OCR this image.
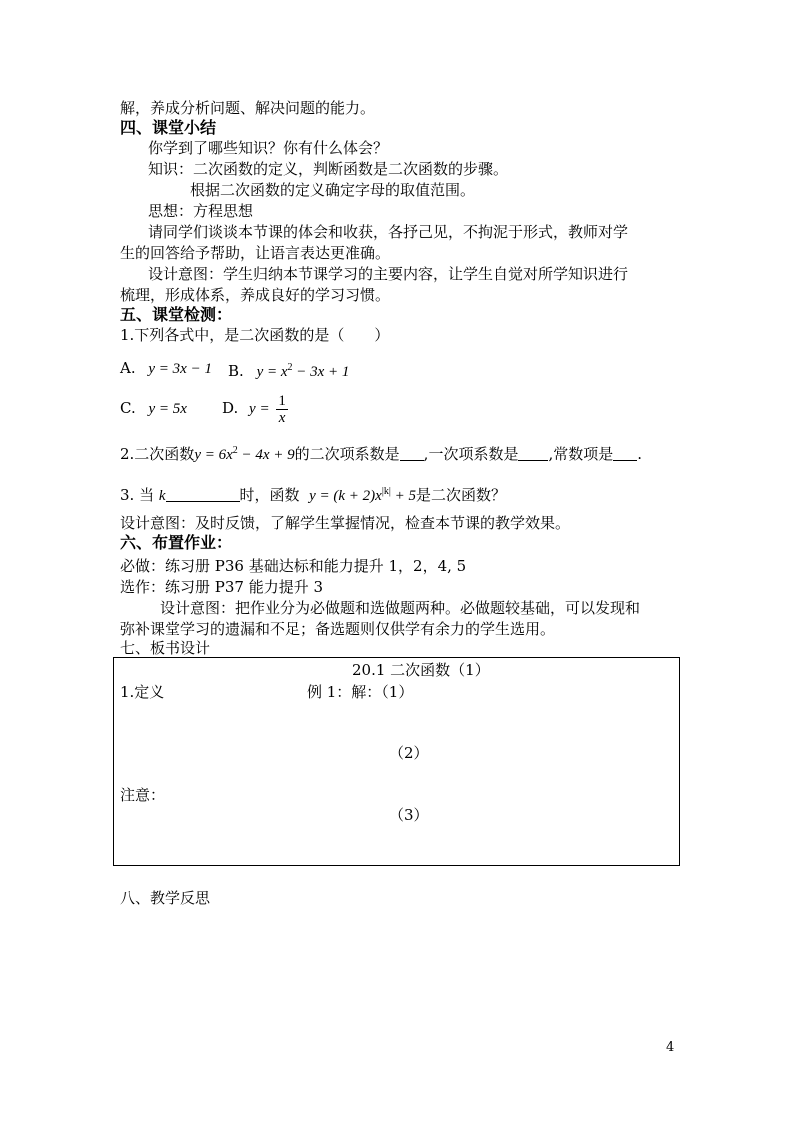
解，养成分析问题、解决问题的能力。
四、课堂小结
你学到了哪些知识？你有什么体会？
知识：二次函数的定义，判断函数是二次函数的步骤。
根据二次函数的定义确定字母的取值范围。
思想：方程思想
请同学们谈谈本节课的体会和收获，各抒己见，不拘泥于形式，教师对学
生的回答给予帮助，让语言表达更准确。
设计意图：学生归纳本节课学习的主要内容，让学生自觉对所学知识进行
梳理，形成体系，养成良好的学习习惯。
五、课堂检测：
1.下列各式中，是二次函数的是（　　）
A. y = 3x − 1 B. $y = x^2 - 3x + 1$
C. y = 5x D. $y = \frac{1}{x}$
2.二次函数$y = 6x^2 - 4x + 9$的二次项系数是 ,一次项系数是 ,常数项是 .
3. 当 k	时，函数 $y = (k + 2)x^{|k|} + 5$是二次函数？
设计意图：及时反馈，了解学生掌握情况，检查本节课的教学效果。
六、布置作业：
必做：练习册 P36 基础达标和能力提升 1，2，4, 5
选作：练习册 P37 能力提升 3
设计意图：把作业分为必做题和选做题两种。必做题较基础，可以发现和
弥补课堂学习的遗漏和不足；备选题则仅供学有余力的学生选用。
七、板书设计
20.1 二次函数（1）
1.定义	例 1：解：（1）
（2）
注意：
（3）
八、教学反思
4
